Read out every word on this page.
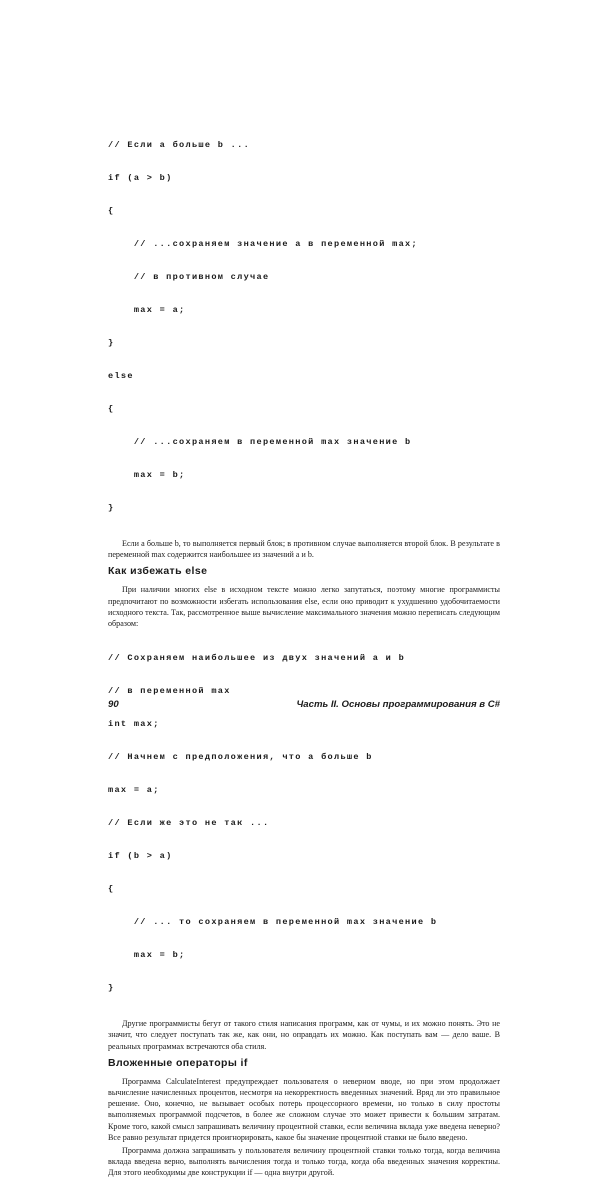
// Если a больше b ...

if (a > b)

{

// ...сохраняем значение a в переменной max;

// в противном случае

max = a;

}

else

{

// ...сохраняем в переменной max значение b

max = b;

}

Если a больше b, то выполняется первый блок; в противном случае выполняется второй блок. В результате в переменной max содержится наибольшее из значений a и b.

Как избежать else

При наличии многих else в исходном тексте можно легко запутаться, поэтому многие программисты предпочитают по возможности избегать использования else, если оно приводит к ухудшению удобочитаемости исходного текста. Так, рассмотренное выше вычисление максимального значения можно переписать следующим образом:

// Сохраняем наибольшее из двух значений a и b

// в переменной max

int max;

// Начнем с предположения, что a больше b

max = a;

// Если же это не так ...

if (b > a)

{

// ... то сохраняем в переменной max значение b

max = b;

}

Другие программисты бегут от такого стиля написания программ, как от чумы, и их можно понять. Это не значит, что следует поступать так же, как они, но оправдать их можно. Как поступать вам — дело ваше. В реальных программах встречаются оба стиля.

Вложенные операторы if

Программа CalculateInterest предупреждает пользователя о неверном вводе, но при этом продолжает вычисление начисленных процентов, несмотря на некорректность введенных значений. Вряд ли это правильное решение. Оно, конечно, не вызывает особых потерь процессорного времени, но только в силу простоты выполняемых программой подсчетов, в более же сложном случае это может привести к большим затратам. Кроме того, какой смысл запрашивать величину процентной ставки, если величина вклада уже введена неверно? Все равно результат придется проигнорировать, какое бы значение процентной ставки не было введено.

Программа должна запрашивать у пользователя величину процентной ставки только тогда, когда величина вклада введена верно, выполнять вычисления тогда и только тогда, когда оба введенных значения корректны. Для этого необходимы две конструкции if — одна внутри другой.

90	Часть II. Основы программирования в C#
